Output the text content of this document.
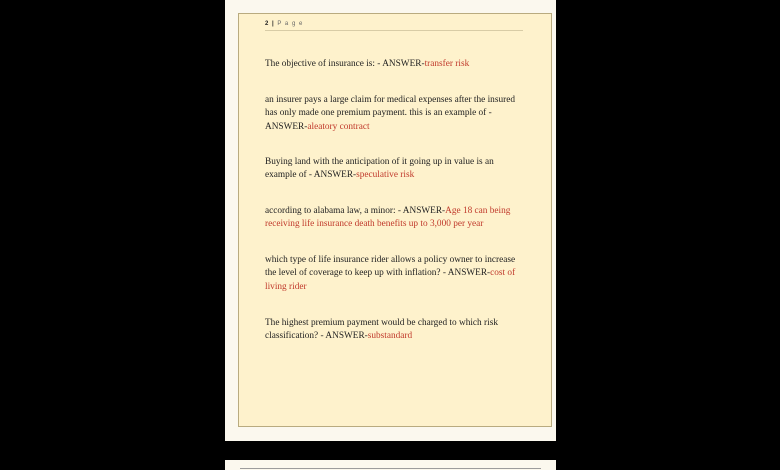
2 | P a g e

The objective of insurance is: - ANSWER-transfer risk

an insurer pays a large claim for medical expenses after the insured has only made one premium payment. this is an example of - ANSWER-aleatory contract

Buying land with the anticipation of it going up in value is an example of - ANSWER-speculative risk

according to alabama law, a minor: - ANSWER-Age 18 can being receiving life insurance death benefits up to 3,000 per year

which type of life insurance rider allows a policy owner to increase the level of coverage to keep up with inflation? - ANSWER-cost of living rider

The highest premium payment would be charged to which risk classification? - ANSWER-substandard
